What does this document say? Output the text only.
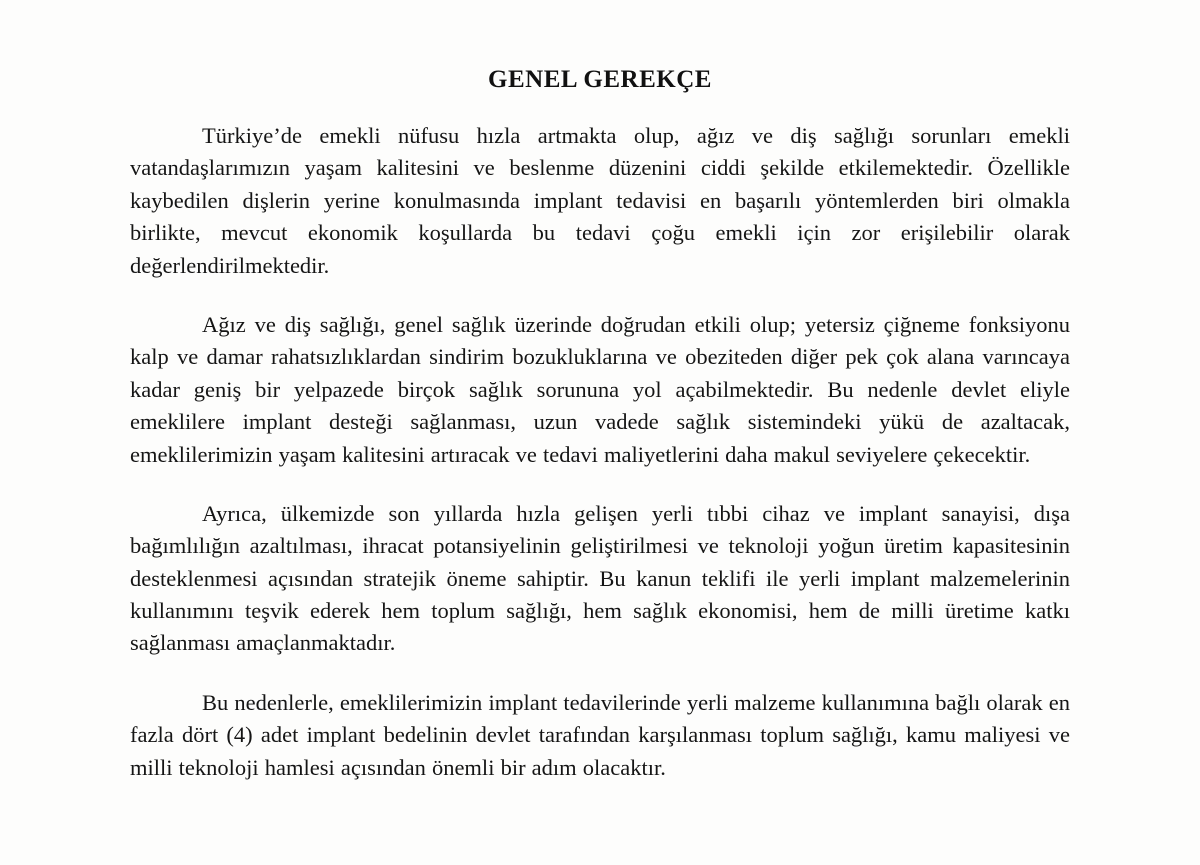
GENEL GEREKÇE

Türkiye’de emekli nüfusu hızla artmakta olup, ağız ve diş sağlığı sorunları emekli vatandaşlarımızın yaşam kalitesini ve beslenme düzenini ciddi şekilde etkilemektedir. Özellikle kaybedilen dişlerin yerine konulmasında implant tedavisi en başarılı yöntemlerden biri olmakla birlikte, mevcut ekonomik koşullarda bu tedavi çoğu emekli için zor erişilebilir olarak değerlendirilmektedir.

Ağız ve diş sağlığı, genel sağlık üzerinde doğrudan etkili olup; yetersiz çiğneme fonksiyonu kalp ve damar rahatsızlıklardan sindirim bozukluklarına ve obeziteden diğer pek çok alana varıncaya kadar geniş bir yelpazede birçok sağlık sorununa yol açabilmektedir. Bu nedenle devlet eliyle emeklilere implant desteği sağlanması, uzun vadede sağlık sistemindeki yükü de azaltacak, emeklilerimizin yaşam kalitesini artıracak ve tedavi maliyetlerini daha makul seviyelere çekecektir.

Ayrıca, ülkemizde son yıllarda hızla gelişen yerli tıbbi cihaz ve implant sanayisi, dışa bağımlılığın azaltılması, ihracat potansiyelinin geliştirilmesi ve teknoloji yoğun üretim kapasitesinin desteklenmesi açısından stratejik öneme sahiptir. Bu kanun teklifi ile yerli implant malzemelerinin kullanımını teşvik ederek hem toplum sağlığı, hem sağlık ekonomisi, hem de milli üretime katkı sağlanması amaçlanmaktadır.

Bu nedenlerle, emeklilerimizin implant tedavilerinde yerli malzeme kullanımına bağlı olarak en fazla dört (4) adet implant bedelinin devlet tarafından karşılanması toplum sağlığı, kamu maliyesi ve milli teknoloji hamlesi açısından önemli bir adım olacaktır.
